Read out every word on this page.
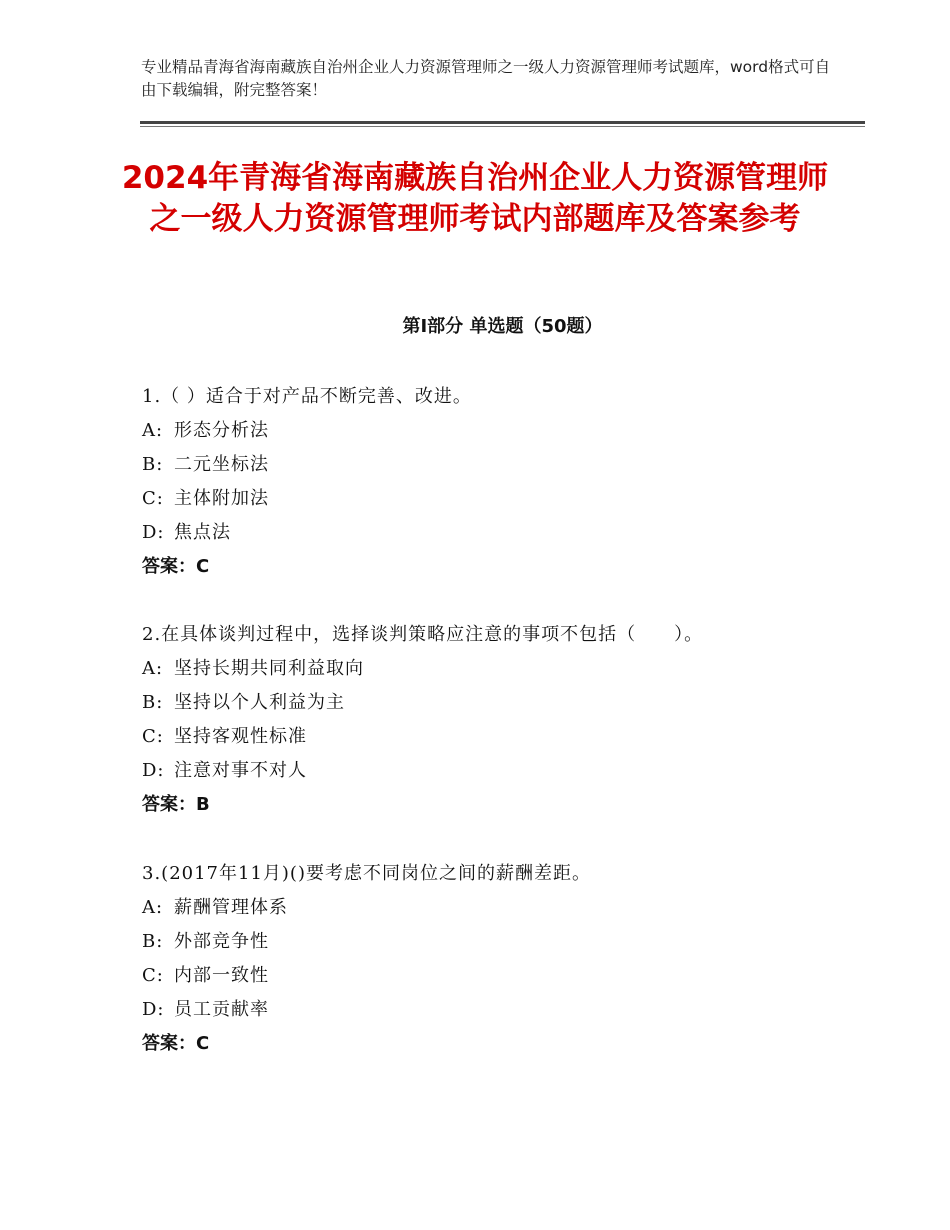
专业精品青海省海南藏族自治州企业人力资源管理师之一级人力资源管理师考试题库，word格式可自由下载编辑，附完整答案！
2024年青海省海南藏族自治州企业人力资源管理师之一级人力资源管理师考试内部题库及答案参考
第Ⅰ部分 单选题（50题）
1.（ ）适合于对产品不断完善、改进。
A: 形态分析法
B: 二元坐标法
C: 主体附加法
D: 焦点法
答案：C
2.在具体谈判过程中，选择谈判策略应注意的事项不包括（　　）。
A: 坚持长期共同利益取向
B: 坚持以个人利益为主
C: 坚持客观性标准
D: 注意对事不对人
答案：B
3.(2017年11月)()要考虑不同岗位之间的薪酬差距。
A: 薪酬管理体系
B: 外部竞争性
C: 内部一致性
D: 员工贡献率
答案：C
